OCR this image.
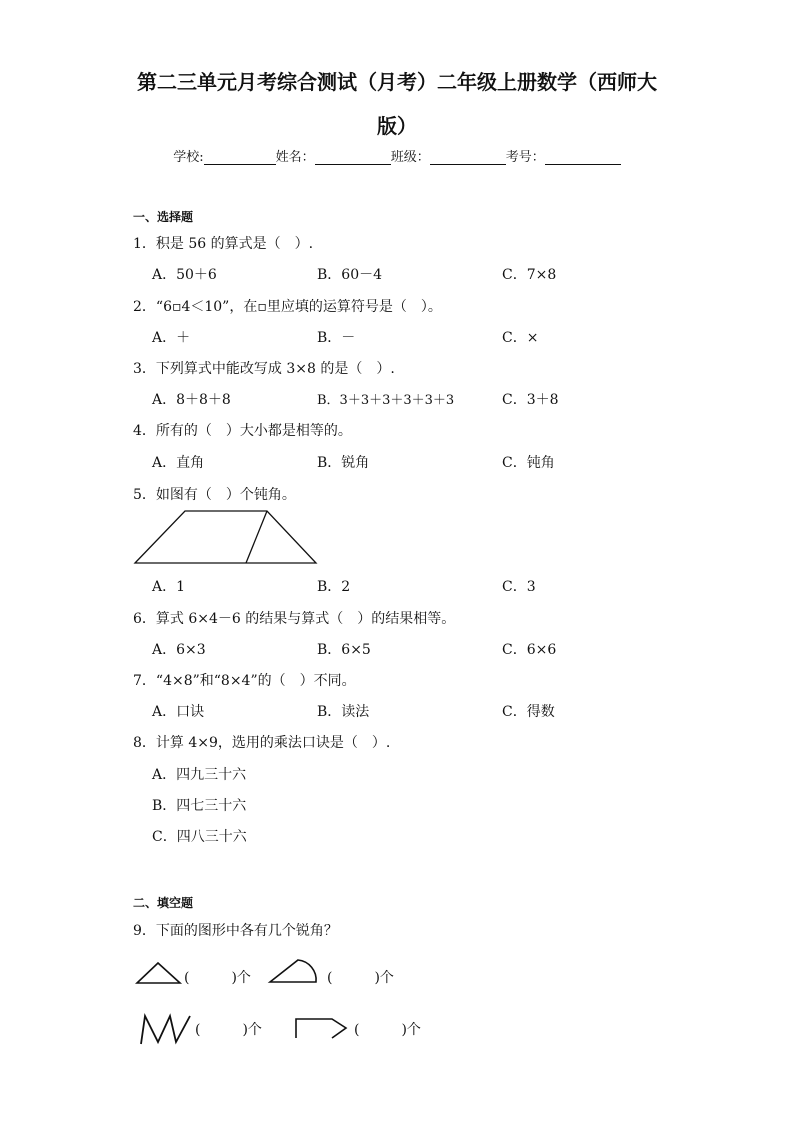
第二三单元月考综合测试（月考）二年级上册数学（西师大
版）
学校:	姓名：	班级：	考号：
一、选择题
1．积是 56 的算式是（　）.
A．50＋6	B．60－4	C．7×8
2．“6▫4＜10”，在▫里应填的运算符号是（　）。
A．＋	B．－	C．×
3．下列算式中能改写成 3×8 的是（　）.
A．8＋8＋8	B．3＋3＋3＋3＋3＋3	C．3＋8
4．所有的（　）大小都是相等的。
A．直角	B．锐角	C．钝角
5．如图有（　）个钝角。
A．1	B．2	C．3
6．算式 6×4－6 的结果与算式（　）的结果相等。
A．6×3	B．6×5	C．6×6
7．“4×8”和“8×4”的（　）不同。
A．口诀	B．读法	C．得数
8．计算 4×9，选用的乘法口诀是（　）.
A．四九三十六
B．四七三十六
C．四八三十六
二、填空题
9．下面的图形中各有几个锐角？
(　　　)个	(　　　)个
(　　　)个	(　　　)个
